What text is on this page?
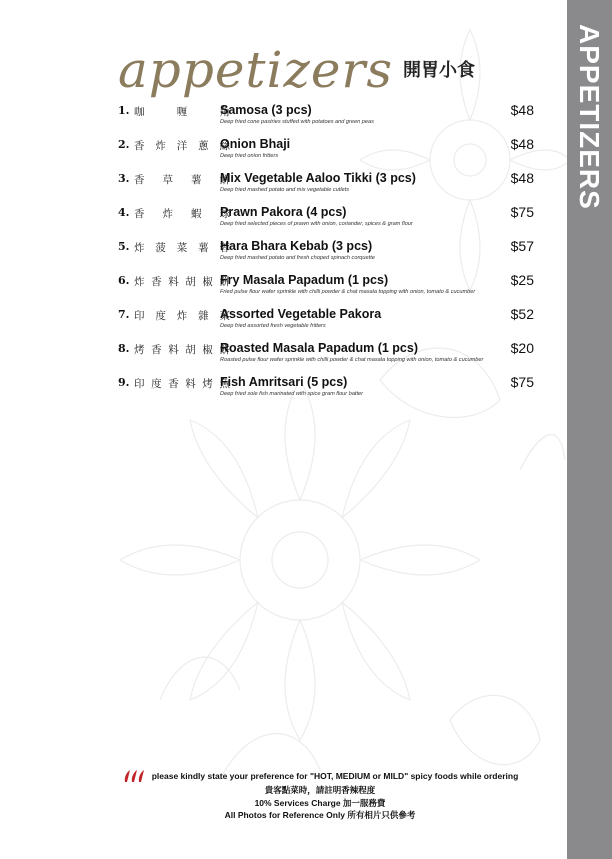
APPETIZERS
appetizers 開胃小食
1. 咖　喱　角
Samosa (3 pcs)
Deep fried cone pastries stuffed with potatoes and green peas
$48
2. 香炸洋蔥絲
Onion Bhaji
Deep fried onion fritters
$48
3. 香　草　薯　餅
Mix Vegetable Aaloo Tikki (3 pcs)
Deep fried mashed potato and mix vegetable cutlets
$48
4. 香　炸　蝦　球
Prawn Pakora (4 pcs)
Deep fried selected pieces of prawn with onion, coriander, spices & gram flour
$75
5. 炸菠菜薯蓉
Hara Bhara Kebab (3 pcs)
Deep fried mashed potato and fresh choped spinach corquette
$57
6. 炸香料胡椒餅
Fry Masala Papadum (1 pcs)
Fried pulse flour wafer sprinkle with chilli powder & chat masala topping with onion, tomato & cucumber
$25
7. 印度炸雜菜
Assorted Vegetable Pakora
Deep fried assorted fresh vegetable fritters
$52
8. 烤香料胡椒餅
Roasted Masala Papadum (1 pcs)
Roasted pulse flour wafer sprinkle with chilli powder & chat masala topping with onion, tomato & cucumber
$20
9. 印度香料烤魚
Fish Amritsari (5 pcs)
Deep fried sole fish marinated with spice gram flour batter
$75
please kindly state your preference for "HOT, MEDIUM or MILD" spicy foods while ordering
貴客點菜時，請註明香辣程度
10% Services Charge 加一服務費
All Photos for Reference Only 所有相片只供參考
